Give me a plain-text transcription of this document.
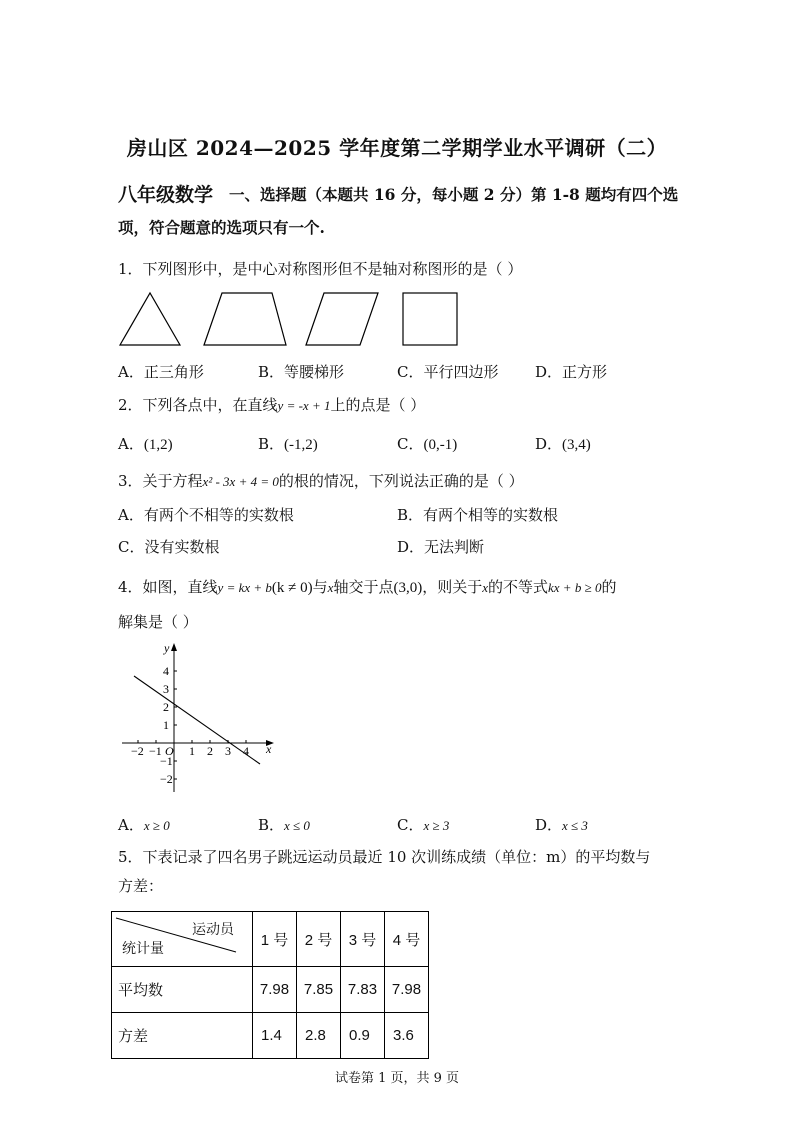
房山区 2024—2025 学年度第二学期学业水平调研（二）
八年级数学 一、选择题（本题共 16 分，每小题 2 分）第 1-8 题均有四个选
项，符合题意的选项只有一个.
1．下列图形中，是中心对称图形但不是轴对称图形的是（ ）
A．正三角形	B．等腰梯形	C．平行四边形 D．正方形
2．下列各点中，在直线y = -x + 1上的点是（ ）
A．(1,2)	B．(-1,2)	C．(0,-1)	D．(3,4)
3．关于方程x² - 3x + 4 = 0的根的情况，下列说法正确的是（ ）
A．有两个不相等的实数根	B．有两个相等的实数根
C．没有实数根	D．无法判断
4．如图，直线y = kx + b(k ≠ 0)与x轴交于点(3,0)，则关于x的不等式kx + b ≥ 0的
解集是（ ）
x
y
O
−2 −1 1 2 3 4
4
3
2
1
−1
−2
A．x ≥ 0	B．x ≤ 0	C．x ≥ 3	D．x ≤ 3
5．下表记录了四名男子跳远运动员最近 10 次训练成绩（单位：m）的平均数与
方差：
运动员
统计量	1 号	2 号	3 号	4 号
平均数	7.98	7.85	7.83	7.98
方差	1.4	2.8	0.9	3.6
试卷第 1 页，共 9 页
